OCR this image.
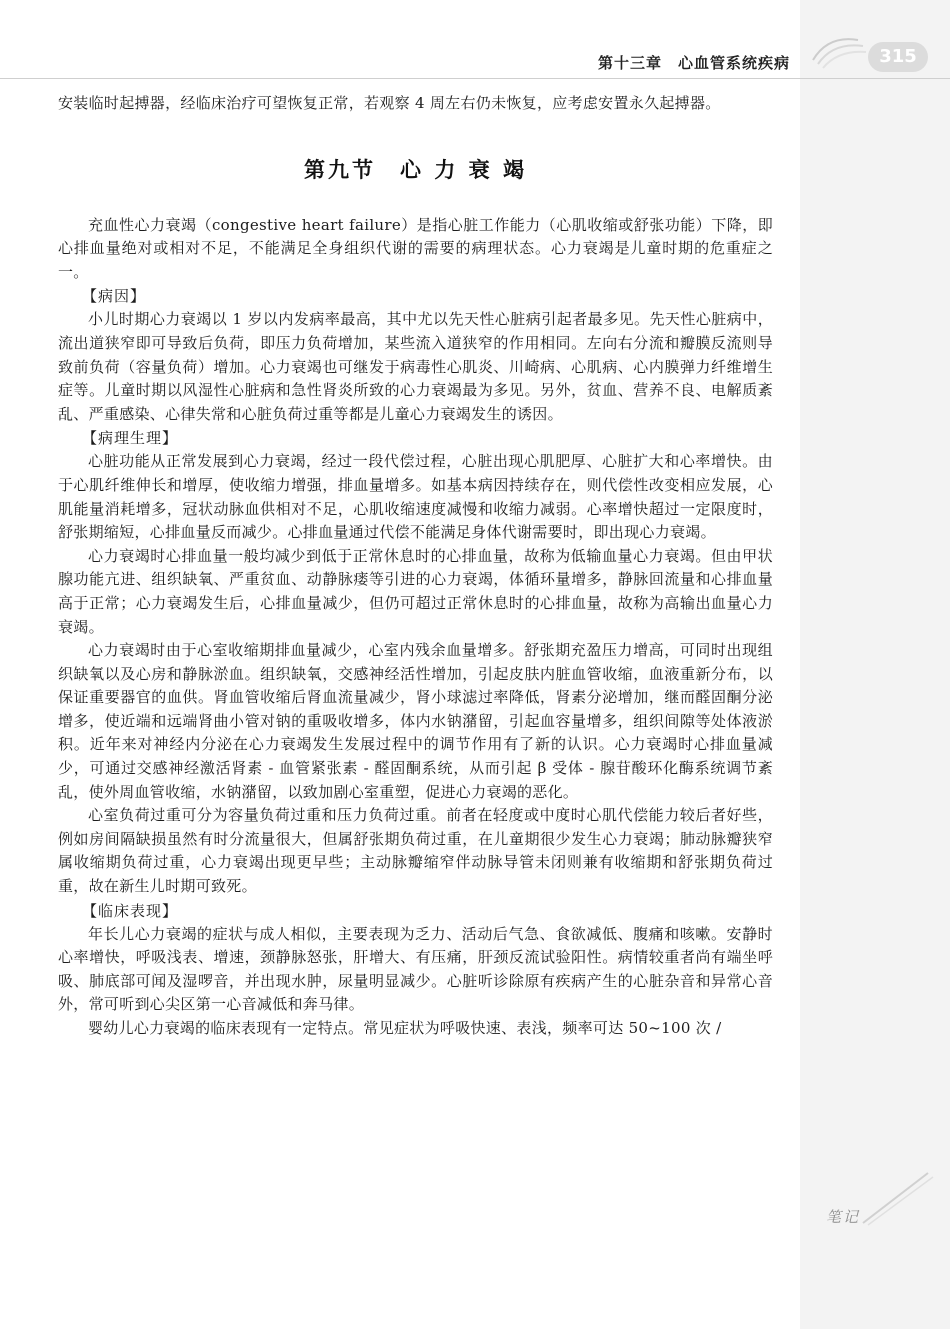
第十三章　心血管系统疾病	315

安装临时起搏器，经临床治疗可望恢复正常，若观察 4 周左右仍未恢复，应考虑安置永久起搏器。

第九节　心 力 衰 竭

充血性心力衰竭（congestive heart failure）是指心脏工作能力（心肌收缩或舒张功能）下降，即心排血量绝对或相对不足，不能满足全身组织代谢的需要的病理状态。心力衰竭是儿童时期的危重症之一。

【病因】

小儿时期心力衰竭以 1 岁以内发病率最高，其中尤以先天性心脏病引起者最多见。先天性心脏病中，流出道狭窄即可导致后负荷，即压力负荷增加，某些流入道狭窄的作用相同。左向右分流和瓣膜反流则导致前负荷（容量负荷）增加。心力衰竭也可继发于病毒性心肌炎、川崎病、心肌病、心内膜弹力纤维增生症等。儿童时期以风湿性心脏病和急性肾炎所致的心力衰竭最为多见。另外，贫血、营养不良、电解质紊乱、严重感染、心律失常和心脏负荷过重等都是儿童心力衰竭发生的诱因。

【病理生理】

心脏功能从正常发展到心力衰竭，经过一段代偿过程，心脏出现心肌肥厚、心脏扩大和心率增快。由于心肌纤维伸长和增厚，使收缩力增强，排血量增多。如基本病因持续存在，则代偿性改变相应发展，心肌能量消耗增多，冠状动脉血供相对不足，心肌收缩速度减慢和收缩力减弱。心率增快超过一定限度时，舒张期缩短，心排血量反而减少。心排血量通过代偿不能满足身体代谢需要时，即出现心力衰竭。

心力衰竭时心排血量一般均减少到低于正常休息时的心排血量，故称为低输血量心力衰竭。但由甲状腺功能亢进、组织缺氧、严重贫血、动静脉瘘等引进的心力衰竭，体循环量增多，静脉回流量和心排血量高于正常；心力衰竭发生后，心排血量减少，但仍可超过正常休息时的心排血量，故称为高输出血量心力衰竭。

心力衰竭时由于心室收缩期排血量减少，心室内残余血量增多。舒张期充盈压力增高，可同时出现组织缺氧以及心房和静脉淤血。组织缺氧，交感神经活性增加，引起皮肤内脏血管收缩，血液重新分布，以保证重要器官的血供。肾血管收缩后肾血流量减少，肾小球滤过率降低，肾素分泌增加，继而醛固酮分泌增多，使近端和远端肾曲小管对钠的重吸收增多，体内水钠潴留，引起血容量增多，组织间隙等处体液淤积。近年来对神经内分泌在心力衰竭发生发展过程中的调节作用有了新的认识。心力衰竭时心排血量减少，可通过交感神经激活肾素 - 血管紧张素 - 醛固酮系统，从而引起 β 受体 - 腺苷酸环化酶系统调节紊乱，使外周血管收缩，水钠潴留，以致加剧心室重塑，促进心力衰竭的恶化。

心室负荷过重可分为容量负荷过重和压力负荷过重。前者在轻度或中度时心肌代偿能力较后者好些，例如房间隔缺损虽然有时分流量很大，但属舒张期负荷过重，在儿童期很少发生心力衰竭；肺动脉瓣狭窄属收缩期负荷过重，心力衰竭出现更早些；主动脉瓣缩窄伴动脉导管未闭则兼有收缩期和舒张期负荷过重，故在新生儿时期可致死。

【临床表现】

年长儿心力衰竭的症状与成人相似，主要表现为乏力、活动后气急、食欲减低、腹痛和咳嗽。安静时心率增快，呼吸浅表、增速，颈静脉怒张，肝增大、有压痛，肝颈反流试验阳性。病情较重者尚有端坐呼吸、肺底部可闻及湿啰音，并出现水肿，尿量明显减少。心脏听诊除原有疾病产生的心脏杂音和异常心音外，常可听到心尖区第一心音减低和奔马律。

婴幼儿心力衰竭的临床表现有一定特点。常见症状为呼吸快速、表浅，频率可达 50~100 次 /

笔记
